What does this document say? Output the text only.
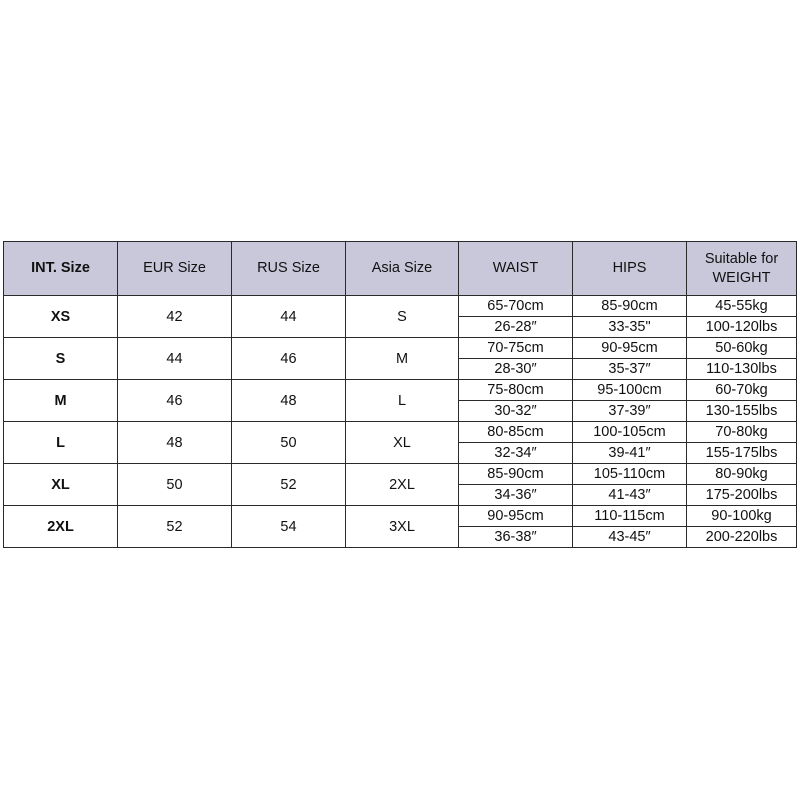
INT. Size	EUR Size	RUS Size	Asia Size	WAIST	HIPS	Suitable for WEIGHT
XS	42	44	S	65-70cm	85-90cm	45-55kg
				26-28″	33-35"	100-120lbs
S	44	46	M	70-75cm	90-95cm	50-60kg
				28-30″	35-37″	110-130lbs
M	46	48	L	75-80cm	95-100cm	60-70kg
				30-32″	37-39″	130-155lbs
L	48	50	XL	80-85cm	100-105cm	70-80kg
				32-34″	39-41″	155-175lbs
XL	50	52	2XL	85-90cm	105-110cm	80-90kg
				34-36″	41-43″	175-200lbs
2XL	52	54	3XL	90-95cm	110-115cm	90-100kg
				36-38″	43-45″	200-220lbs
